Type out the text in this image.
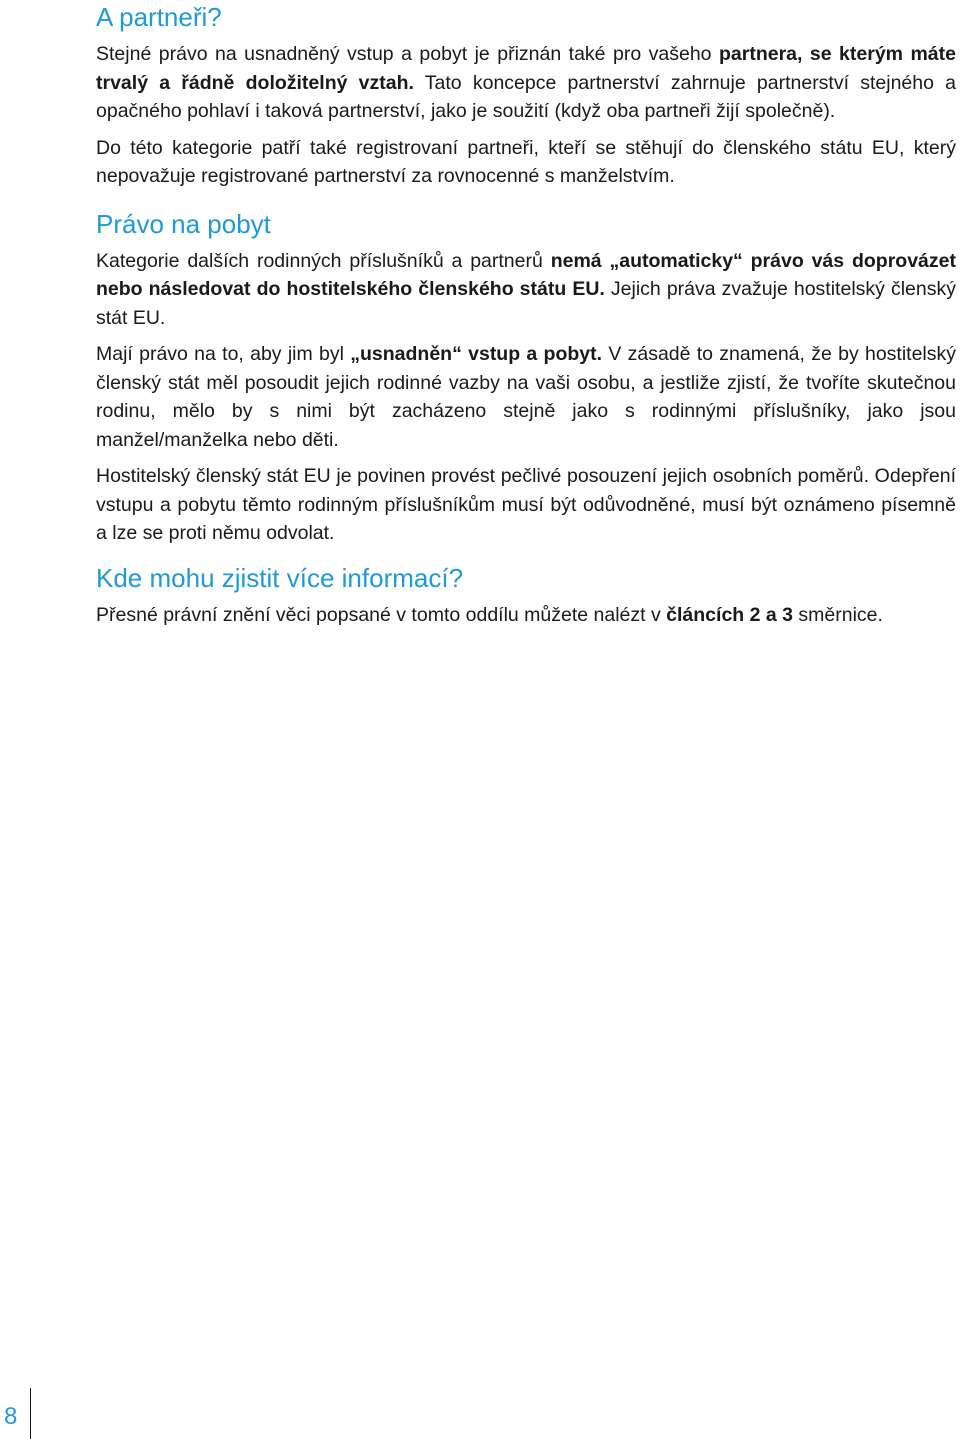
A partneři?

Stejné právo na usnadněný vstup a pobyt je přiznán také pro vašeho partnera, se kterým máte trvalý a řádně doložitelný vztah. Tato koncepce partnerství zahrnuje partnerství stejného a opačného pohlaví i taková partnerství, jako je soužití (když oba partneři žijí společně).

Do této kategorie patří také registrovaní partneři, kteří se stěhují do členského státu EU, který nepovažuje registrované partnerství za rovnocenné s manželstvím.

Právo na pobyt

Kategorie dalších rodinných příslušníků a partnerů nemá „automaticky“ právo vás doprovázet nebo následovat do hostitelského členského státu EU. Jejich práva zvažuje hostitelský členský stát EU.

Mají právo na to, aby jim byl „usnadněn“ vstup a pobyt. V zásadě to znamená, že by hostitelský členský stát měl posoudit jejich rodinné vazby na vaši osobu, a jestliže zjistí, že tvoříte skutečnou rodinu, mělo by s nimi být zacházeno stejně jako s rodinnými příslušníky, jako jsou manžel/manželka nebo děti.

Hostitelský členský stát EU je povinen provést pečlivé posouzení jejich osobních poměrů. Odepření vstupu a pobytu těmto rodinným příslušníkům musí být odůvodněné, musí být oznámeno písemně a lze se proti němu odvolat.

Kde mohu zjistit více informací?

Přesné právní znění věci popsané v tomto oddílu můžete nalézt v článcích 2 a 3 směrnice.

8
